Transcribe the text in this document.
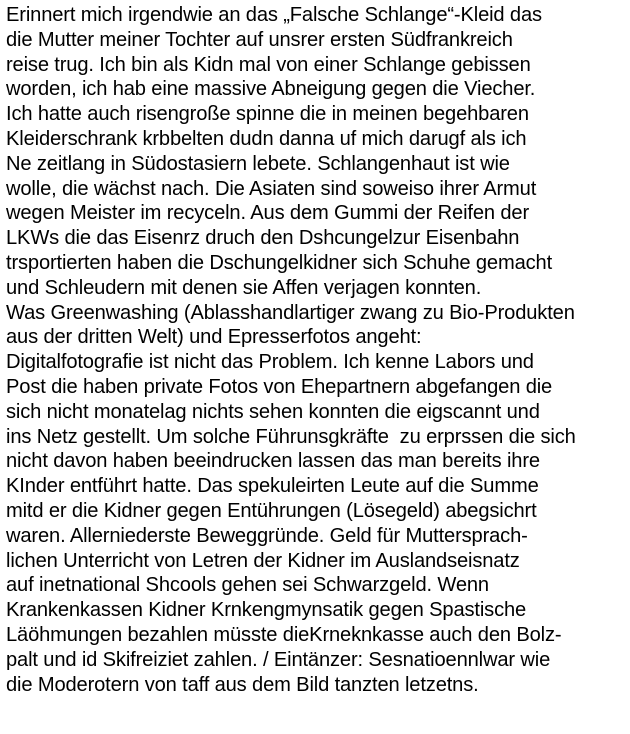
Erinnert mich irgendwie an das „Falsche Schlange“-Kleid das
die Mutter meiner Tochter auf unsrer ersten Südfrankreich
reise trug. Ich bin als Kidn mal von einer Schlange gebissen
worden, ich hab eine massive Abneigung gegen die Viecher.
Ich hatte auch risengroße spinne die in meinen begehbaren
Kleiderschrank krbbelten dudn danna uf mich darugf als ich
Ne zeitlang in Südostasiern lebete. Schlangenhaut ist wie
wolle, die wächst nach. Die Asiaten sind soweiso ihrer Armut
wegen Meister im recyceln. Aus dem Gummi der Reifen der
LKWs die das Eisenrz druch den Dshcungelzur Eisenbahn
trsportierten haben die Dschungelkidner sich Schuhe gemacht
und Schleudern mit denen sie Affen verjagen konnten.
Was Greenwashing (Ablasshandlartiger zwang zu Bio-Produkten
aus der dritten Welt) und Epresserfotos angeht:
Digitalfotografie ist nicht das Problem. Ich kenne Labors und
Post die haben private Fotos von Ehepartnern abgefangen die
sich nicht monatelag nichts sehen konnten die eigscannt und
ins Netz gestellt. Um solche Führunsgkräfte  zu erprssen die sich
nicht davon haben beeindrucken lassen das man bereits ihre
KInder entführt hatte. Das spekuleirten Leute auf die Summe
mitd er die Kidner gegen Entührungen (Lösegeld) abegsichrt
waren. Allerniederste Beweggründe. Geld für Muttersprach-
lichen Unterricht von Letren der Kidner im Auslandseisnatz
auf inetnational Shcools gehen sei Schwarzgeld. Wenn
Krankenkassen Kidner Krnkengmynsatik gegen Spastische
Läöhmungen bezahlen müsste dieKrneknkasse auch den Bolz-
palt und id Skifreiziet zahlen. / Eintänzer: Sesnatioennlwar wie
die Moderotern von taff aus dem Bild tanzten letzetns.
